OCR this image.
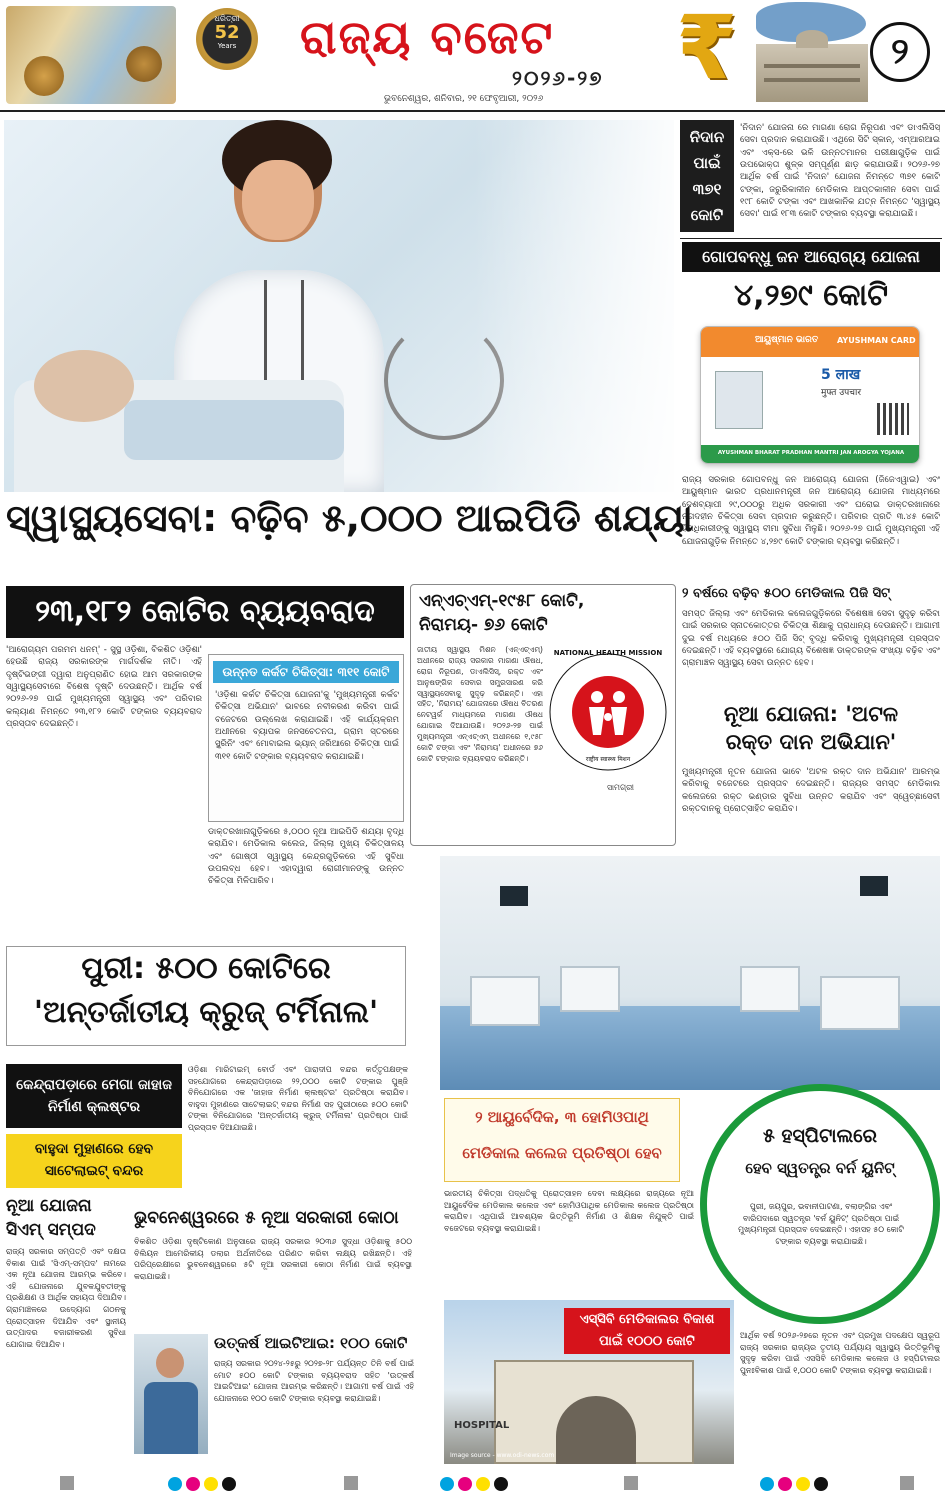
ଧରିତ୍ରୀ
52
Years	ରାଜ୍ୟ ବଜେଟ
୨୦୨୬-୨୭
ଭୁବନେଶ୍ୱର, ଶନିବାର, ୨୧ ଫେବୃଆରୀ, ୨୦୨୬ ₹	୨
ନିଦାନ
ପାଇଁ
୩୭୧
କୋଟି
'ନିଦାନ' ଯୋଜନା ରେ ମାଗଣା ରୋଗ ନିରୂପଣ ଏବଂ ଡାଏଲିସିସ୍ ସେବା ପ୍ରଦାନ କରାଯାଉଛି। ଏଥିରେ ସିଟି ସ୍କାନ୍, ଏମ୍ଆରଆଇ ଏବଂ ଏକ୍ସ-ରେ ଭଳି ଉନ୍ନତମାନର ପରୀକ୍ଷାଗୁଡ଼ିକ ପାଇଁ ଉପଭୋକ୍ତା ଶୁଳ୍କ ସମ୍ପୂର୍ଣ୍ଣ ଛାଡ଼ କରାଯାଉଛି। ୨୦୨୬-୨୭ ଆର୍ଥିକ ବର୍ଷ ପାଇଁ 'ନିଦାନ' ଯୋଜନା ନିମନ୍ତେ ୩୭୧ କୋଟି ଟଙ୍କା, ଜରୁରିକାଳୀନ ମେଡିକାଲ ଆପ୍ତକାଳୀନ ସେବା ପାଇଁ ୧୯୮ କୋଟି ଟଙ୍କା ଏବଂ ଆଖକାନିକ ଯତ୍ନ ନିମନ୍ତେ 'ସ୍ୱାସ୍ଥ୍ୟ ସେବା' ପାଇଁ ୧୮୩ କୋଟି ଟଙ୍କାର ବ୍ୟବସ୍ଥା କରାଯାଇଛି।
ଗୋପବନ୍ଧୁ ଜନ ଆରୋଗ୍ୟ ଯୋଜନା
୪,୨୭୯ କୋଟି
ଆୟୁଷ୍ମାନ ଭାରତ AYUSHMAN CARD
5 लाख
मुफ्त उपचार
AYUSHMAN BHARAT PRADHAN MANTRI JAN AROGYA YOJANA
ରାଜ୍ୟ ସରକାର ଗୋପବନ୍ଧୁ ଜନ ଆରୋଗ୍ୟ ଯୋଜନା (ଜିଜେଏୱାଇ) ଏବଂ ଆୟୁଷ୍ମାନ ଭାରତ ପ୍ରଧାନମନ୍ତ୍ରୀ ଜନ ଆରୋଗ୍ୟ ଯୋଜନା ମାଧ୍ୟମରେ ଦେଶବ୍ୟାପୀ ୨୯,୦୦୦ରୁ ଅଧିକ ସରକାରୀ ଏବଂ ଘରୋଇ ଡାକ୍ତରଖାନାରେ ନଗଦହୀନ ଚିକିତ୍ସା ସେବା ପ୍ରଦାନ କରୁଛନ୍ତି। ପରିବାର ପ୍ରତି ୩.୪୫ କୋଟି ହିତାଧିକାରୀଙ୍କୁ ସ୍ୱାସ୍ଥ୍ୟ ବୀମା ସୁବିଧା ମିଳୁଛି। ୨୦୨୬-୨୭ ପାଇଁ ମୁଖ୍ୟମନ୍ତ୍ରୀ ଏହି ଯୋଜନାଗୁଡ଼ିକ ନିମନ୍ତେ ୪,୨୭୯ କୋଟି ଟଙ୍କାର ବ୍ୟବସ୍ଥା କରିଛନ୍ତି।
୨ ବର୍ଷରେ ବଢ଼ିବ ୫୦୦ ମେଡିକାଲ ପିଜି ସିଟ୍
ସମସ୍ତ ଜିଲ୍ଲା ଏବଂ ମେଡିକାଲ କଲେଜଗୁଡ଼ିକରେ ବିଶେଷଜ୍ଞ ସେବା ସୁଦୃଢ଼ କରିବା ପାଇଁ ସରକାର ସ୍ନାତକୋତ୍ତର ଚିକିତ୍ସା ଶିକ୍ଷାକୁ ପ୍ରାଧାନ୍ୟ ଦେଉଛନ୍ତି। ଆଗାମୀ ଦୁଇ ବର୍ଷ ମଧ୍ୟରେ ୫୦୦ ପିଜି ସିଟ୍ ବୃଦ୍ଧି କରିବାକୁ ମୁଖ୍ୟମନ୍ତ୍ରୀ ପ୍ରସ୍ତାବ ଦେଇଛନ୍ତି। ଏହି ବ୍ୟବସ୍ଥାରେ ଯୋଗ୍ୟ ବିଶେଷଜ୍ଞ ଡାକ୍ତରଙ୍କ ସଂଖ୍ୟା ବଢ଼ିବ ଏବଂ ଗ୍ରାମାଞ୍ଚଳ ସ୍ୱାସ୍ଥ୍ୟ ସେବା ଉନ୍ନତ ହେବ।
ନୂଆ ଯୋଜନା: 'ଅଟଳ
ରକ୍ତ ଦାନ ଅଭିଯାନ'
ମୁଖ୍ୟମନ୍ତ୍ରୀ ନୂତନ ଯୋଜନା ଭାବେ 'ଅଟଳ ରକ୍ତ ଦାନ ଅଭିଯାନ' ଆରମ୍ଭ କରିବାକୁ ବଜେଟରେ ପ୍ରସ୍ତାବ ଦେଇଛନ୍ତି। ରାଜ୍ୟର ସମସ୍ତ ମେଡିକାଲ କଲେଜରେ ରକ୍ତ ଭଣ୍ଡାର ସୁବିଧା ଉନ୍ନତ କରାଯିବ ଏବଂ ସ୍ୱେଚ୍ଛାସେବୀ ରକ୍ତଦାନକୁ ପ୍ରୋତ୍ସାହିତ କରାଯିବ।
ସ୍ୱାସ୍ଥ୍ୟସେବା: ବଢ଼ିବ ୫,୦୦୦ ଆଇପିଡି ଶଯ୍ୟା
୨୩,୧୮୨ କୋଟିର ବ୍ୟୟବରାଦ
'ଆରୋଗ୍ୟମ ପରମମ ଧନମ୍' - ସୁସ୍ଥ ଓଡ଼ିଶା, ବିକଶିତ ଓଡ଼ିଶା' ହେଉଛି ରାଜ୍ୟ ସରକାରଙ୍କ ମାର୍ଗଦର୍ଶକ ନୀତି। ଏହି ଦୃଷ୍ଟିଭଙ୍ଗୀ ଦ୍ୱାରା ଅନୁପ୍ରାଣିତ ହୋଇ ଆମ ସରକାରଙ୍କ ସ୍ୱାସ୍ଥ୍ୟସେବାରେ ବିଶେଷ ଦୃଷ୍ଟି ଦେଉଛନ୍ତି। ଆର୍ଥିକ ବର୍ଷ ୨୦୨୬-୨୭ ପାଇଁ ମୁଖ୍ୟମନ୍ତ୍ରୀ ସ୍ୱାସ୍ଥ୍ୟ ଏବଂ ପରିବାର କଲ୍ୟାଣ ନିମନ୍ତେ ୨୩,୧୮୨ କୋଟି ଟଙ୍କାର ବ୍ୟୟବରାଦ ପ୍ରସ୍ତାବ ଦେଇଛନ୍ତି।
ଉନ୍ନତ କର୍କଟ ଚିକିତ୍ସା: ୩୧୧ କୋଟି
'ଓଡ଼ିଶା କର୍କଟ ଚିକିତ୍ସା ଯୋଜନା'କୁ 'ମୁଖ୍ୟମନ୍ତ୍ରୀ କର୍କଟ ଚିକିତ୍ସା ଅଭିଯାନ' ଭାବରେ ନବୀକରଣ କରିବା ପାଇଁ ବଜେଟରେ ଉଲ୍ଲେଖ କରାଯାଇଛି। ଏହି କାର୍ଯ୍ୟକ୍ରମ ଅଧୀନରେ ବ୍ୟାପକ ଜନସଚେତନତା, ଗ୍ରାମ ସ୍ତରରେ ସ୍କ୍ରିନିଂ ଏବଂ ମୋବାଇଲ ଭ୍ୟାନ୍ ଜରିଆରେ ଚିକିତ୍ସା ପାଇଁ ୩୧୧ କୋଟି ଟଙ୍କାର ବ୍ୟୟବରାଦ କରାଯାଇଛି।
ଡାକ୍ତରଖାନାଗୁଡ଼ିକରେ ୫,୦୦୦ ନୂଆ ଆଇପିଡି ଶଯ୍ୟା ବୃଦ୍ଧି କରାଯିବ। ମେଡିକାଲ କଲେଜ, ଜିଲ୍ଲା ମୁଖ୍ୟ ଚିକିତ୍ସାଳୟ ଏବଂ ଗୋଷ୍ଠୀ ସ୍ୱାସ୍ଥ୍ୟ କେନ୍ଦ୍ରଗୁଡ଼ିକରେ ଏହି ସୁବିଧା ଉପଲବ୍ଧ ହେବ। ଏହାଦ୍ୱାରା ରୋଗୀମାନଙ୍କୁ ଉନ୍ନତ ଚିକିତ୍ସା ମିଳିପାରିବ।
ଏନ୍ଏଚ୍ଏମ୍-୧୯୫୮ କୋଟି,
ନିରାମୟ- ୭୬ କୋଟି
ଜାତୀୟ ସ୍ୱାସ୍ଥ୍ୟ ମିଶନ (ଏନ୍ଏଚ୍ଏମ୍) ଅଧୀନରେ ରାଜ୍ୟ ସରକାର ମାଗଣା ଔଷଧ, ରୋଗ ନିରୂପଣ, ଡାଏଲିସିସ୍, ରକ୍ତ ଏବଂ ଆନୁଷଙ୍ଗିକ ସେବାର ସମ୍ପ୍ରସାରଣ କରି ସ୍ୱାସ୍ଥ୍ୟସେବାକୁ ସୁଦୃଢ଼ କରିଛନ୍ତି। ଏହା ସହିତ, 'ନିରାମୟ' ଯୋଜନାରେ ଔଷଧ ବିତରଣ ନେଟୱର୍କ ମାଧ୍ୟମରେ ମାଗଣା ଔଷଧ ଯୋଗାଇ ଦିଆଯାଉଛି। ୨୦୨୬-୨୭ ପାଇଁ ମୁଖ୍ୟମନ୍ତ୍ରୀ ଏନ୍ଏଚ୍ଏମ୍ ଅଧୀନରେ ୧,୯୫୮ କୋଟି ଟଙ୍କା ଏବଂ 'ନିରାମୟ' ଅଧୀନରେ ୭୬ କୋଟି ଟଙ୍କାର ବ୍ୟୟବରାଦ କରିଛନ୍ତି।
NATIONAL HEALTH MISSION
राष्ट्रीय स्वास्थ्य मिशन
ସାମଗ୍ରୀ
ପୁରୀ: ୫୦୦ କୋଟିରେ
'ଅନ୍ତର୍ଜାତୀୟ କ୍ରୁଜ୍ ଟର୍ମିନାଲ'
କେନ୍ଦ୍ରାପଡ଼ାରେ ମେଗା ଜାହାଜ ନିର୍ମାଣ କ୍ଲଷ୍ଟର
ବାହୁଦା ମୁହାଣରେ ହେବ ସାଟେଲାଇଟ୍ ବନ୍ଦର
ଓଡ଼ିଶା ମାରିଟାଇମ୍ ବୋର୍ଡ ଏବଂ ପାରାଦୀପ ବନ୍ଦର କର୍ତ୍ତୃପକ୍ଷଙ୍କ ସହଯୋଗରେ କେନ୍ଦ୍ରାପଡ଼ାରେ ୨୨,୦୦୦ କୋଟି ଟଙ୍କାର ପୁଞ୍ଜି ବିନିଯୋଗରେ ଏକ 'ଜାହାଜ ନିର୍ମାଣ କ୍ଲଷ୍ଟର' ପ୍ରତିଷ୍ଠା କରାଯିବ। ବାହୁଦା ମୁହାଣରେ ସାଟେଲାଇଟ୍ ବନ୍ଦର ନିର୍ମାଣ ସହ ପୁରୀଠାରେ ୫୦୦ କୋଟି ଟଙ୍କା ବିନିଯୋଗରେ 'ଅନ୍ତର୍ଜାତୀୟ କ୍ରୁଜ୍ ଟର୍ମିନାଲ' ପ୍ରତିଷ୍ଠା ପାଇଁ ପ୍ରସ୍ତାବ ଦିଆଯାଇଛି।
ନୂଆ ଯୋଜନା
ସିଏମ୍ ସମ୍ପଦ
ରାଜ୍ୟ ସରକାର ସମ୍ପତ୍ତି ଏବଂ ଦକ୍ଷତା ବିକାଶ ପାଇଁ 'ସିଏମ୍-ସମ୍ପଦ' ନାମରେ ଏକ ନୂଆ ଯୋଜନା ଆରମ୍ଭ କରିବେ। ଏହି ଯୋଜନାରେ ଯୁବକଯୁବତୀଙ୍କୁ ପ୍ରଶିକ୍ଷଣ ଓ ଆର୍ଥିକ ସହାୟତା ଦିଆଯିବ। ଗ୍ରାମାଞ୍ଚଳରେ ଉଦ୍ୟୋଗ ଗଠନକୁ ପ୍ରୋତ୍ସାହନ ଦିଆଯିବ ଏବଂ ସ୍ଥାନୀୟ ଉତ୍ପାଦର ବଜାରୀକରଣ ସୁବିଧା ଯୋଗାଇ ଦିଆଯିବ।
ଭୁବନେଶ୍ୱରରେ ୫ ନୂଆ ସରକାରୀ କୋଠା
ବିକଶିତ ଓଡ଼ିଶା ଦୃଷ୍ଟିକୋଣ ଅନୁସାରେ ରାଜ୍ୟ ସରକାର ୨୦୩୬ ସୁଦ୍ଧା ଓଡ଼ିଶାକୁ ୫୦୦ ବିଲିୟନ ଆମେରିକୀୟ ଡଲାର ଅର୍ଥନୀତିରେ ପରିଣତ କରିବା ଲକ୍ଷ୍ୟ ରଖିଛନ୍ତି। ଏହି ପରିପ୍ରେକ୍ଷୀରେ ଭୁବନେଶ୍ୱରରେ ୫ଟି ନୂଆ ସରକାରୀ କୋଠା ନିର୍ମାଣ ପାଇଁ ବ୍ୟବସ୍ଥା କରାଯାଇଛି।
ଉତ୍କର୍ଷ ଆଇଟିଆଇ: ୧୦୦ କୋଟି
ରାଜ୍ୟ ସରକାର ୨୦୨୪-୨୫ରୁ ୨୦୨୭-୨୮ ପର୍ଯ୍ୟନ୍ତ ତିନି ବର୍ଷ ପାଇଁ ମୋଟ ୫୦୦ କୋଟି ଟଙ୍କାର ବ୍ୟୟବରାଦ ସହିତ 'ଉତ୍କର୍ଷ ଆଇଟିଆଇ' ଯୋଜନା ଆରମ୍ଭ କରିଛନ୍ତି। ଆଗାମୀ ବର୍ଷ ପାଇଁ ଏହି ଯୋଜନାରେ ୧୦୦ କୋଟି ଟଙ୍କାର ବ୍ୟବସ୍ଥା କରାଯାଇଛି।
୨ ଆୟୁର୍ବେଦିକ, ୩ ହୋମିଓପାଥି
ମେଡିକାଲ କଲେଜ ପ୍ରତିଷ୍ଠା ହେବ
ଭାରତୀୟ ଚିକିତ୍ସା ପଦ୍ଧତିକୁ ପ୍ରୋତ୍ସାହନ ଦେବା ଲକ୍ଷ୍ୟରେ ରାଜ୍ୟରେ ନୂଆ ଆୟୁର୍ବେଦିକ ମେଡିକାଲ କଲେଜ ଏବଂ ହୋମିଓପାଥିକ ମେଡିକାଲ କଲେଜ ପ୍ରତିଷ୍ଠା କରାଯିବ। ଏଥିପାଇଁ ଆବଶ୍ୟକ ଭିତ୍ତିଭୂମି ନିର୍ମାଣ ଓ ଶିକ୍ଷକ ନିଯୁକ୍ତି ପାଇଁ ବଜେଟରେ ବ୍ୟବସ୍ଥା କରାଯାଇଛି।
୫ ହସ୍ପିଟାଲରେ
ହେବ ସ୍ୱତନ୍ତ୍ର ବର୍ନ ୟୁନିଟ୍
ପୁରୀ, ଜୟପୁର, ଭବାନୀପାଟଣା, ବଲାଙ୍ଗିର ଏବଂ ବାରିପଦାରେ ସ୍ୱତନ୍ତ୍ର 'ବର୍ନ ୟୁନିଟ୍' ପ୍ରତିଷ୍ଠା ପାଇଁ ମୁଖ୍ୟମନ୍ତ୍ରୀ ପ୍ରସ୍ତାବ ଦେଇଛନ୍ତି। ଏହାସହ ୫୦ କୋଟି ଟଙ୍କାର ବ୍ୟବସ୍ଥା କରାଯାଇଛି।
HOSPITAL
ଏସ୍ସିବି ମେଡିକାଲର ବିକାଶ
ପାଇଁ ୧୦୦୦ କୋଟି
Image source - www.odi-news.com
ଆର୍ଥିକ ବର୍ଷ ୨୦୨୬-୨୭ରେ ନୂତନ ଏବଂ ପ୍ରମୁଖ ପଦକ୍ଷେପ ସ୍ୱରୂପ ରାଜ୍ୟ ସରକାର ରାଜ୍ୟର ତୃତୀୟ ପର୍ଯ୍ୟାୟ ସ୍ୱାସ୍ଥ୍ୟ ଭିତ୍ତିଭୂମିକୁ ସୁଦୃଢ଼ କରିବା ପାଇଁ ଏସସିବି ମେଡିକାଲ କଲେଜ ଓ ହସ୍ପିଟାଲର ପୁନଃବିକାଶ ପାଇଁ ୧,୦୦୦ କୋଟି ଟଙ୍କାର ବ୍ୟବସ୍ଥା କରାଯାଇଛି।
